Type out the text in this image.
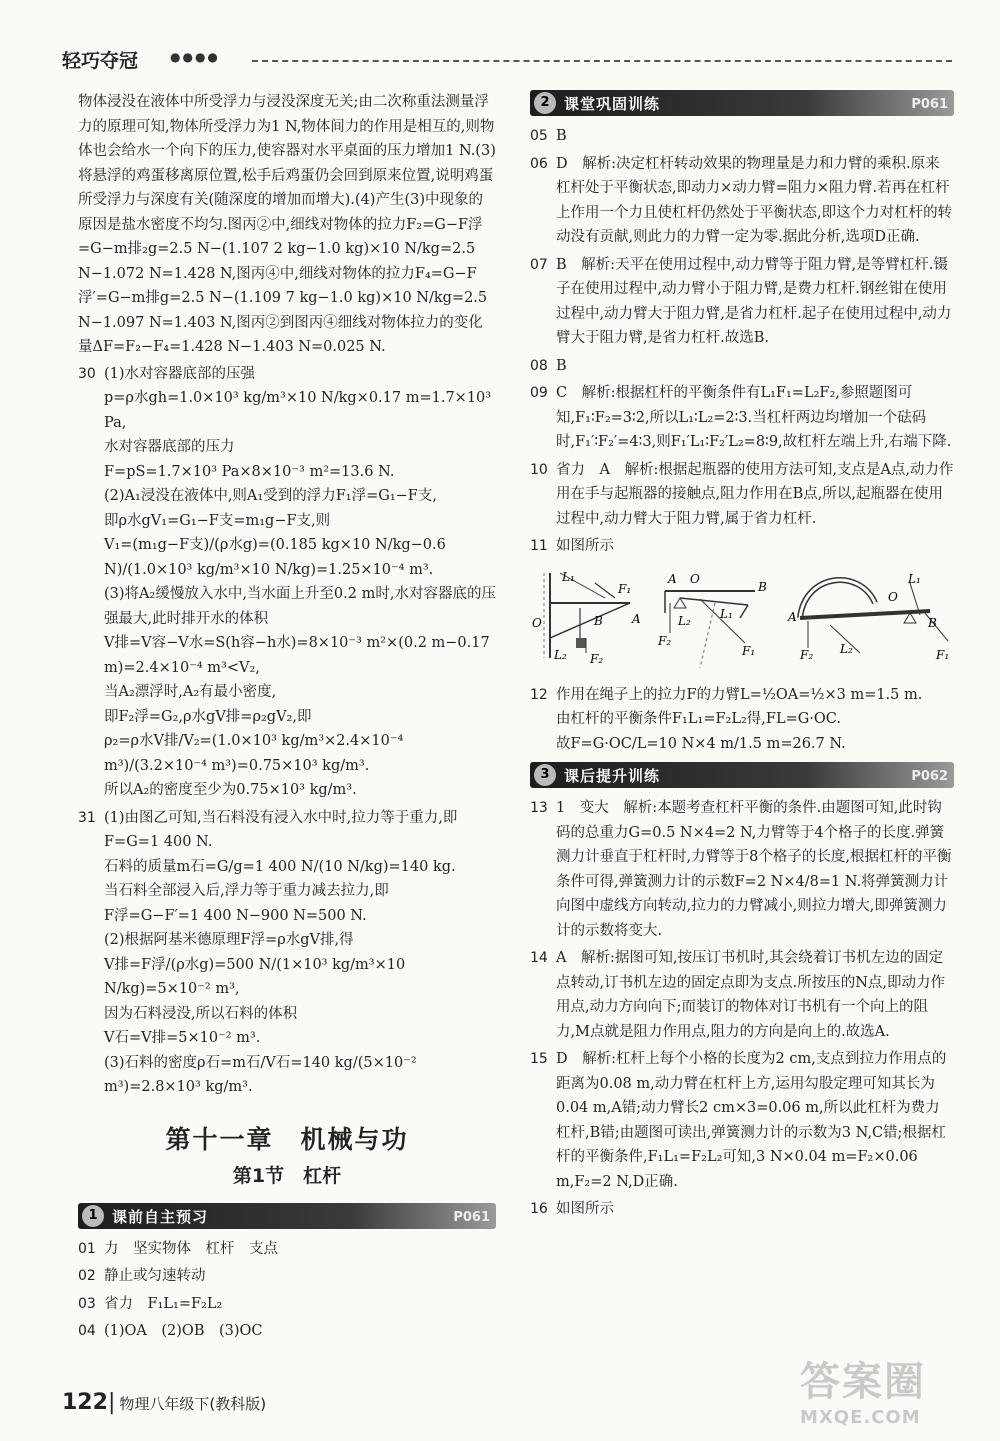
轻巧夺冠	●●●●

物体浸没在液体中所受浮力与浸没深度无关;由二次称重法测量浮力的原理可知,物体所受浮力为1 N,物体间力的作用是相互的,则物体也会给水一个向下的压力,使容器对水平桌面的压力增加1 N.(3)将悬浮的鸡蛋移离原位置,松手后鸡蛋仍会回到原来位置,说明鸡蛋所受浮力与深度有关(随深度的增加而增大).(4)产生(3)中现象的原因是盐水密度不均匀.图丙②中,细线对物体的拉力F₂=G−F浮=G−m排₂g=2.5 N−(1.107 2 kg−1.0 kg)×10 N/kg=2.5 N−1.072 N=1.428 N,图丙④中,细线对物体的拉力F₄=G−F浮′=G−m排g=2.5 N−(1.109 7 kg−1.0 kg)×10 N/kg=2.5 N−1.097 N=1.403 N,图丙②到图丙④细线对物体拉力的变化量ΔF=F₂−F₄=1.428 N−1.403 N=0.025 N.

30 (1)水对容器底部的压强
p=ρ水gh=1.0×10³ kg/m³×10 N/kg×0.17 m=1.7×10³ Pa,
水对容器底部的压力
F=pS=1.7×10³ Pa×8×10⁻³ m²=13.6 N.
(2)A₁浸没在液体中,则A₁受到的浮力F₁浮=G₁−F支,
即ρ水gV₁=G₁−F支=m₁g−F支,则
V₁=(m₁g−F支)/(ρ水g)=(0.185 kg×10 N/kg−0.6 N)/(1.0×10³ kg/m³×10 N/kg)=1.25×10⁻⁴ m³.
(3)将A₂缓慢放入水中,当水面上升至0.2 m时,水对容器底的压强最大,此时排开水的体积
V排=V容−V水=S(h容−h水)=8×10⁻³ m²×(0.2 m−0.17 m)=2.4×10⁻⁴ m³<V₂,
当A₂漂浮时,A₂有最小密度,
即F₂浮=G₂,ρ水gV排=ρ₂gV₂,即
ρ₂=ρ水V排/V₂=(1.0×10³ kg/m³×2.4×10⁻⁴ m³)/(3.2×10⁻⁴ m³)=0.75×10³ kg/m³.
所以A₂的密度至少为0.75×10³ kg/m³.
31 (1)由图乙可知,当石料没有浸入水中时,拉力等于重力,即F=G=1 400 N.
石料的质量m石=G/g=1 400 N/(10 N/kg)=140 kg.
当石料全部浸入后,浮力等于重力减去拉力,即
F浮=G−F′=1 400 N−900 N=500 N.
(2)根据阿基米德原理F浮=ρ水gV排,得
V排=F浮/(ρ水g)=500 N/(1×10³ kg/m³×10 N/kg)=5×10⁻² m³,
因为石料浸没,所以石料的体积
V石=V排=5×10⁻² m³.
(3)石料的密度ρ石=m石/V石=140 kg/(5×10⁻² m³)=2.8×10³ kg/m³.
第十一章　机械与功
第1节　杠杆
1 课前自主预习	P061
01 力　坚实物体　杠杆　支点
02 静止或匀速转动
03 省力　F₁L₁=F₂L₂
04 (1)OA　(2)OB　(3)OC
2 课堂巩固训练	P061
05 B
06 D　解析:决定杠杆转动效果的物理量是力和力臂的乘积.原来杠杆处于平衡状态,即动力×动力臂=阻力×阻力臂.若再在杠杆上作用一个力且使杠杆仍然处于平衡状态,即这个力对杠杆的转动没有贡献,则此力的力臂一定为零.据此分析,选项D正确.
07 B　解析:天平在使用过程中,动力臂等于阻力臂,是等臂杠杆.镊子在使用过程中,动力臂小于阻力臂,是费力杠杆.钢丝钳在使用过程中,动力臂大于阻力臂,是省力杠杆.起子在使用过程中,动力臂大于阻力臂,是省力杠杆.故选B.
08 B
09 C　解析:根据杠杆的平衡条件有L₁F₁=L₂F₂,参照题图可知,F₁∶F₂=3∶2,所以L₁∶L₂=2∶3.当杠杆两边均增加一个砝码时,F₁′∶F₂′=4∶3,则F₁′L₁∶F₂′L₂=8∶9,故杠杆左端上升,右端下降.
10 省力　A　解析:根据起瓶器的使用方法可知,支点是A点,动力作用在手与起瓶器的接触点,阻力作用在B点,所以,起瓶器在使用过程中,动力臂大于阻力臂,属于省力杠杆.
11 如图所示
L₁
F₁
B
O	A
L₂ F₂
A O
B
L₂ L₁
F₂
F₁
A
O
L₁
B
F₂ L₂	F₁
12 作用在绳子上的拉力F的力臂L=½OA=½×3 m=1.5 m.
由杠杆的平衡条件F₁L₁=F₂L₂得,FL=G·OC.
故F=G·OC/L=10 N×4 m/1.5 m=26.7 N.
3 课后提升训练	P062
13 1　变大　解析:本题考查杠杆平衡的条件.由题图可知,此时钩码的总重力G=0.5 N×4=2 N,力臂等于4个格子的长度.弹簧测力计垂直于杠杆时,力臂等于8个格子的长度,根据杠杆的平衡条件可得,弹簧测力计的示数F=2 N×4/8=1 N.将弹簧测力计向图中虚线方向转动,拉力的力臂减小,则拉力增大,即弹簧测力计的示数将变大.
14 A　解析:据图可知,按压订书机时,其会绕着订书机左边的固定点转动,订书机左边的固定点即为支点.所按压的N点,即动力作用点,动力方向向下;而装订的物体对订书机有一个向上的阻力,M点就是阻力作用点,阻力的方向是向上的.故选A.
15 D　解析:杠杆上每个小格的长度为2 cm,支点到拉力作用点的距离为0.08 m,动力臂在杠杆上方,运用勾股定理可知其长为0.04 m,A错;动力臂长2 cm×3=0.06 m,所以此杠杆为费力杠杆,B错;由题图可读出,弹簧测力计的示数为3 N,C错;根据杠杆的平衡条件,F₁L₁=F₂L₂可知,3 N×0.04 m=F₂×0.06 m,F₂=2 N,D正确.
16 如图所示
122| 物理八年级下(教科版)	答案圈
MXQE.COM
